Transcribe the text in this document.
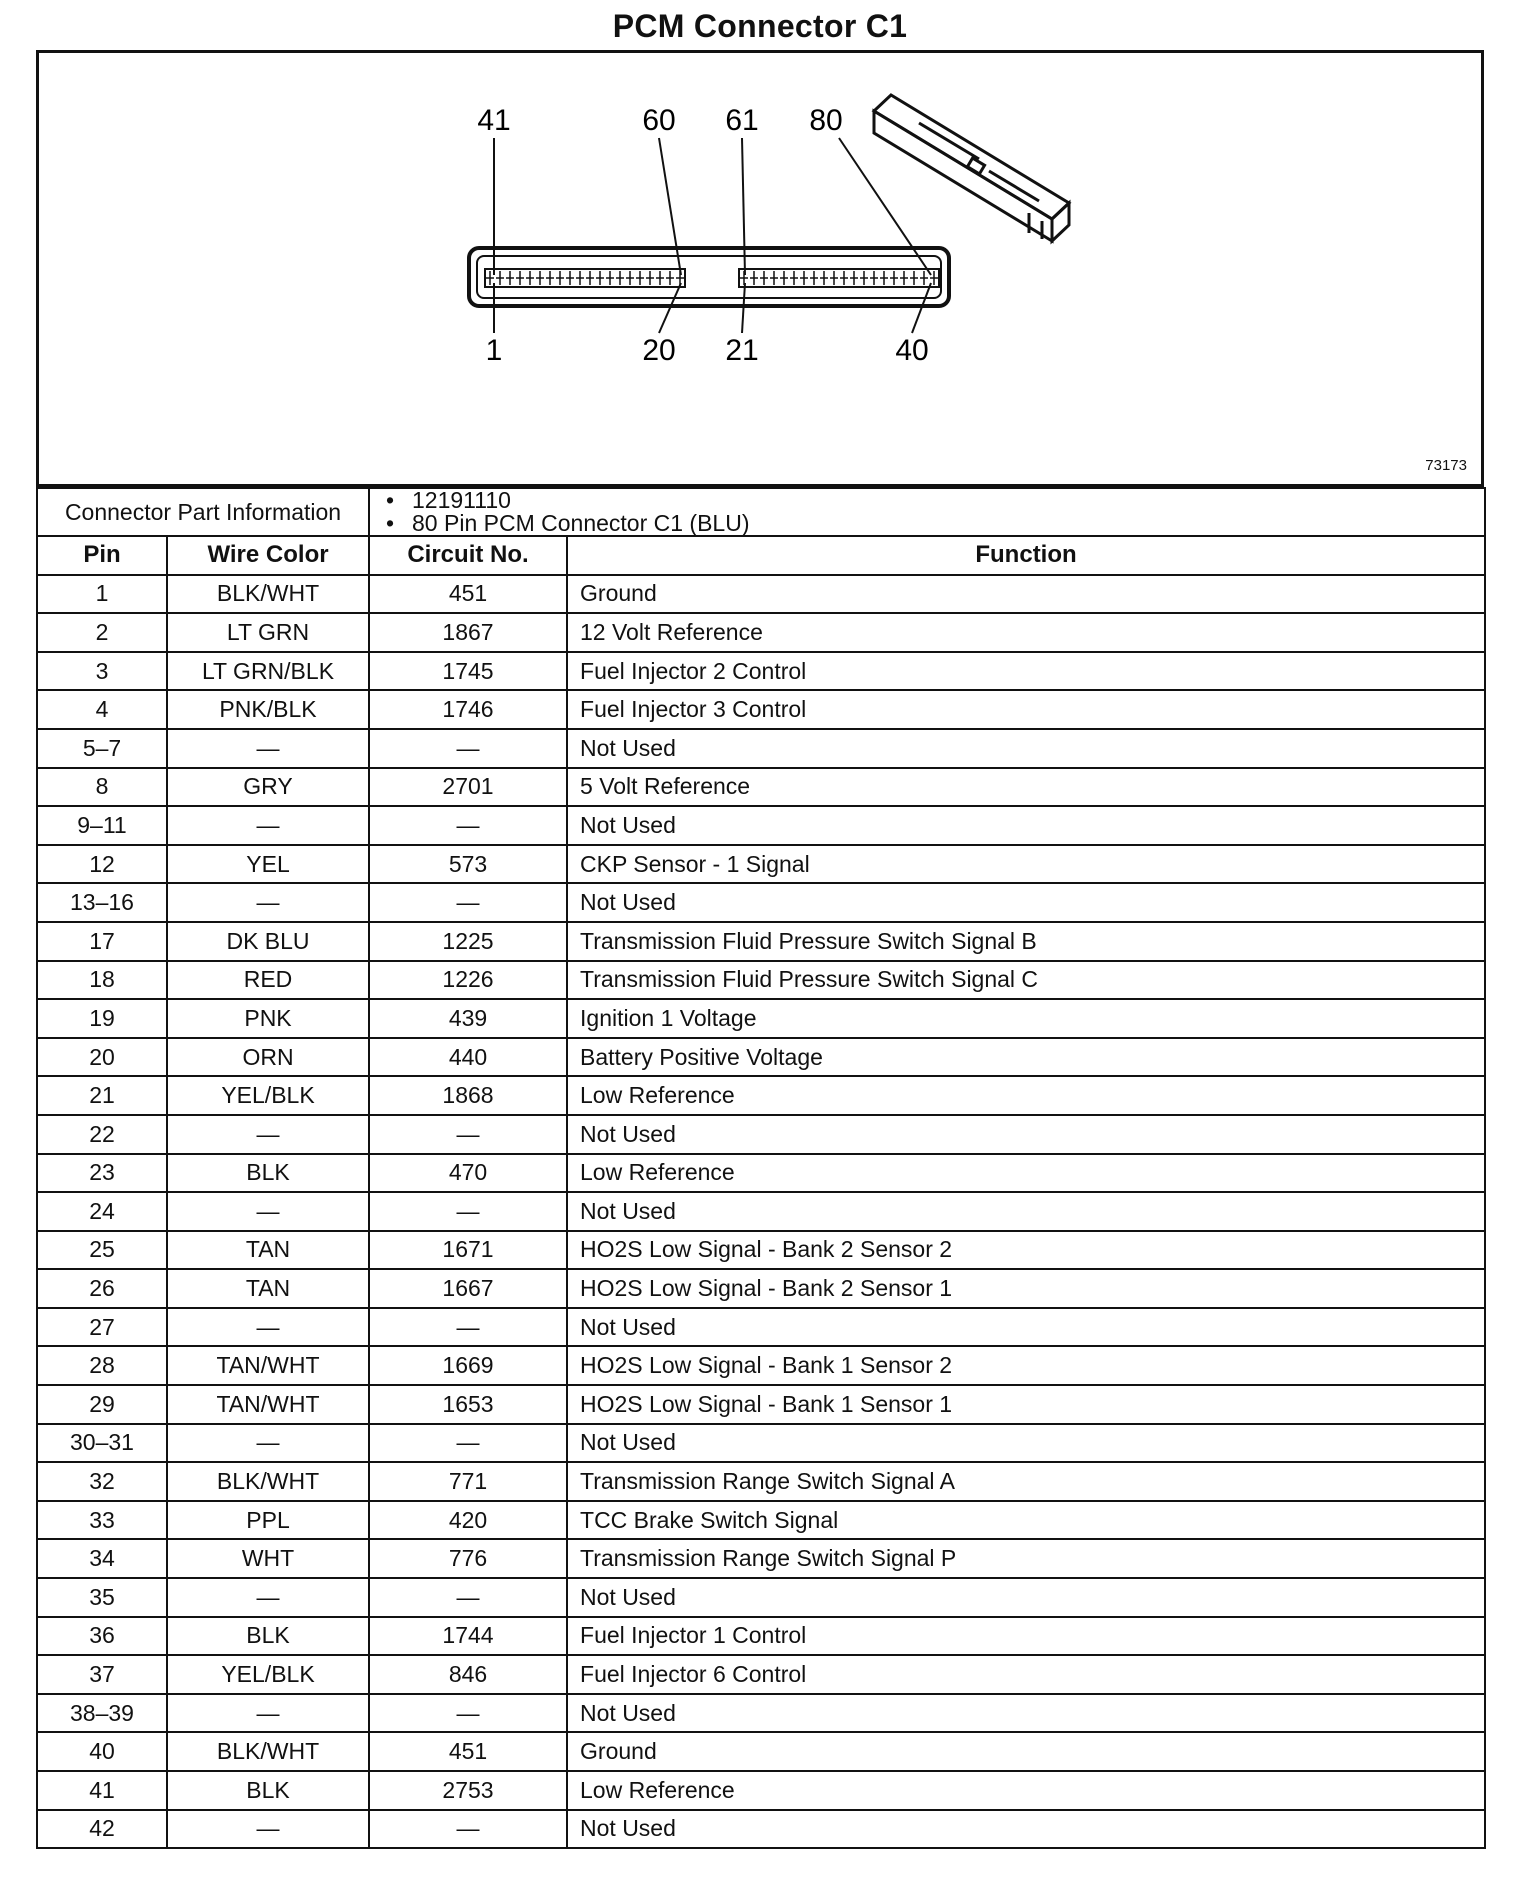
PCM Connector C1
41	60 61 80
1	20 21	40
73173
Connector Part Information		• 12191110
• 80 Pin PCM Connector C1 (BLU)

Pin	Wire Color	Circuit No.	Function
1	BLK/WHT	451	Ground
2	LT GRN	1867	12 Volt Reference
3	LT GRN/BLK	1745	Fuel Injector 2 Control
4	PNK/BLK	1746	Fuel Injector 3 Control
5–7	—	—	Not Used
8	GRY	2701	5 Volt Reference
9–11	—	—	Not Used
12	YEL	573	CKP Sensor - 1 Signal
13–16	—	—	Not Used
17	DK BLU	1225	Transmission Fluid Pressure Switch Signal B
18	RED	1226	Transmission Fluid Pressure Switch Signal C
19	PNK	439	Ignition 1 Voltage
20	ORN	440	Battery Positive Voltage
21	YEL/BLK	1868	Low Reference
22	—	—	Not Used
23	BLK	470	Low Reference
24	—	—	Not Used
25	TAN	1671	HO2S Low Signal - Bank 2 Sensor 2
26	TAN	1667	HO2S Low Signal - Bank 2 Sensor 1
27	—	—	Not Used
28	TAN/WHT	1669	HO2S Low Signal - Bank 1 Sensor 2
29	TAN/WHT	1653	HO2S Low Signal - Bank 1 Sensor 1
30–31	—	—	Not Used
32	BLK/WHT	771	Transmission Range Switch Signal A
33	PPL	420	TCC Brake Switch Signal
34	WHT	776	Transmission Range Switch Signal P
35	—	—	Not Used
36	BLK	1744	Fuel Injector 1 Control
37	YEL/BLK	846	Fuel Injector 6 Control
38–39	—	—	Not Used
40	BLK/WHT	451	Ground
41	BLK	2753	Low Reference
42	—	—	Not Used
